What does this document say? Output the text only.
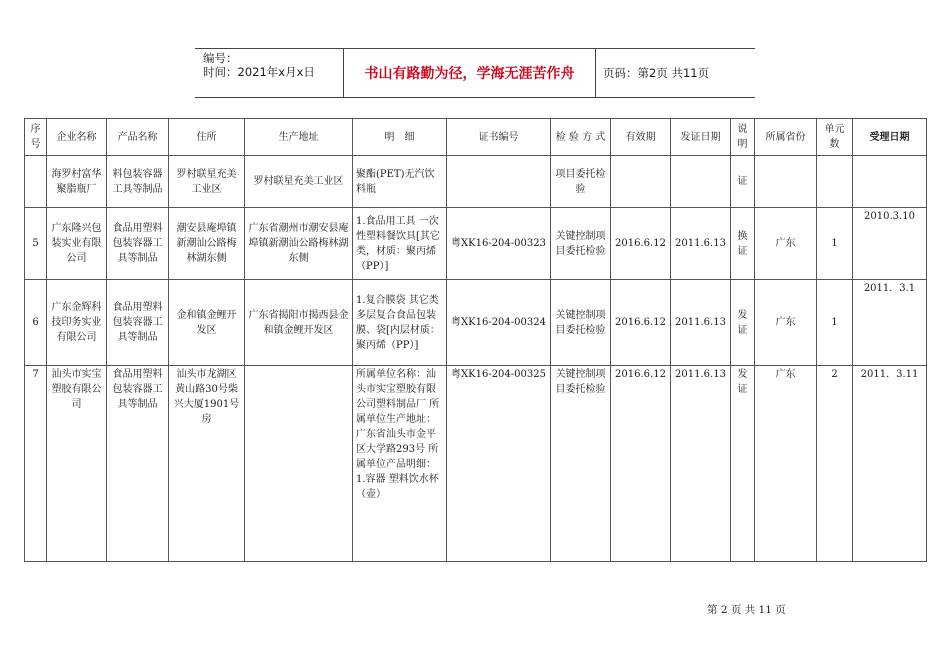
编号：
时间：2021年x月x日	书山有路勤为径，学海无涯苦作舟	页码：第2页 共11页
序号	企业名称	产品名称	住所	生产地址	明　细	证书编号	检 验 方 式	有效期	发证日期	说明	所属省份	单元数	受理日期
	海罗村富华聚脂瓶厂	料包装容器工具等制品	罗村联星充美工业区	罗村联星充美工业区	聚酯(PET)无汽饮料瓶		项目委托检验			证			
5	广东隆兴包装实业有限公司	食品用塑料包装容器工具等制品	潮安县庵埠镇新潮汕公路梅林湖东侧	广东省潮州市潮安县庵埠镇新潮汕公路梅林湖东侧	1.食品用工具 一次性塑料餐饮具[其它类，材质：聚丙烯（PP）]	粤XK16-204-00323	关键控制项目委托检验	2016.6.12	2011.6.13	换证	广东	1	2010.3.10
6	广东金辉科技印务实业有限公司	食品用塑料包装容器工具等制品	金和镇金鲤开发区	广东省揭阳市揭西县金和镇金鲤开发区	1.复合膜袋 其它类多层复合食品包装膜、袋[内层材质：聚丙烯（PP）]	粤XK16-204-00324	关键控制项目委托检验	2016.6.12	2011.6.13	发证	广东	1	2011．3.1
7	汕头市实宝塑胶有限公司	食品用塑料包装容器工具等制品	汕头市龙湖区黄山路30号柴兴大厦1901号房		所属单位名称：汕头市实宝塑胶有限公司塑料制品厂 所属单位生产地址：广东省汕头市金平区大学路293号 所属单位产品明细：1.容器 塑料饮水杯（壶）	粤XK16-204-00325	关键控制项目委托检验	2016.6.12	2011.6.13	发证	广东	2	2011．3.11
第 2 页 共 11 页
